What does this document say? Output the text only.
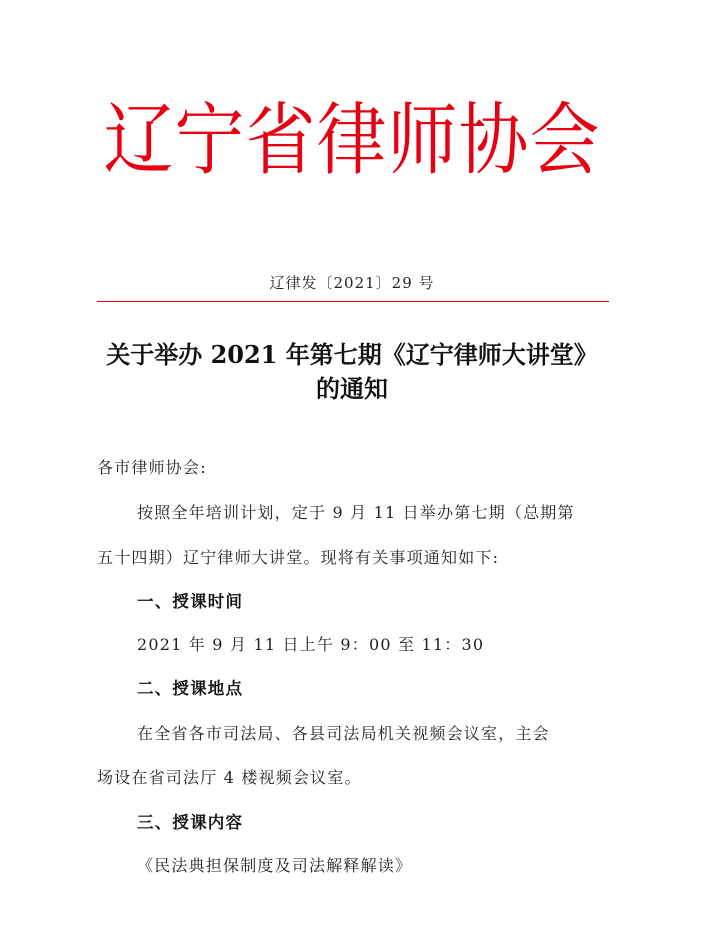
辽宁省律师协会
辽律发〔2021〕29 号
关于举办 2021 年第七期《辽宁律师大讲堂》
的通知
各市律师协会:
按照全年培训计划，定于 9 月 11 日举办第七期（总期第
五十四期）辽宁律师大讲堂。现将有关事项通知如下:
一、授课时间
2021 年 9 月 11 日上午 9：00 至 11：30
二、授课地点
在全省各市司法局、各县司法局机关视频会议室，主会
场设在省司法厅 4 楼视频会议室。
三、授课内容
《民法典担保制度及司法解释解读》
